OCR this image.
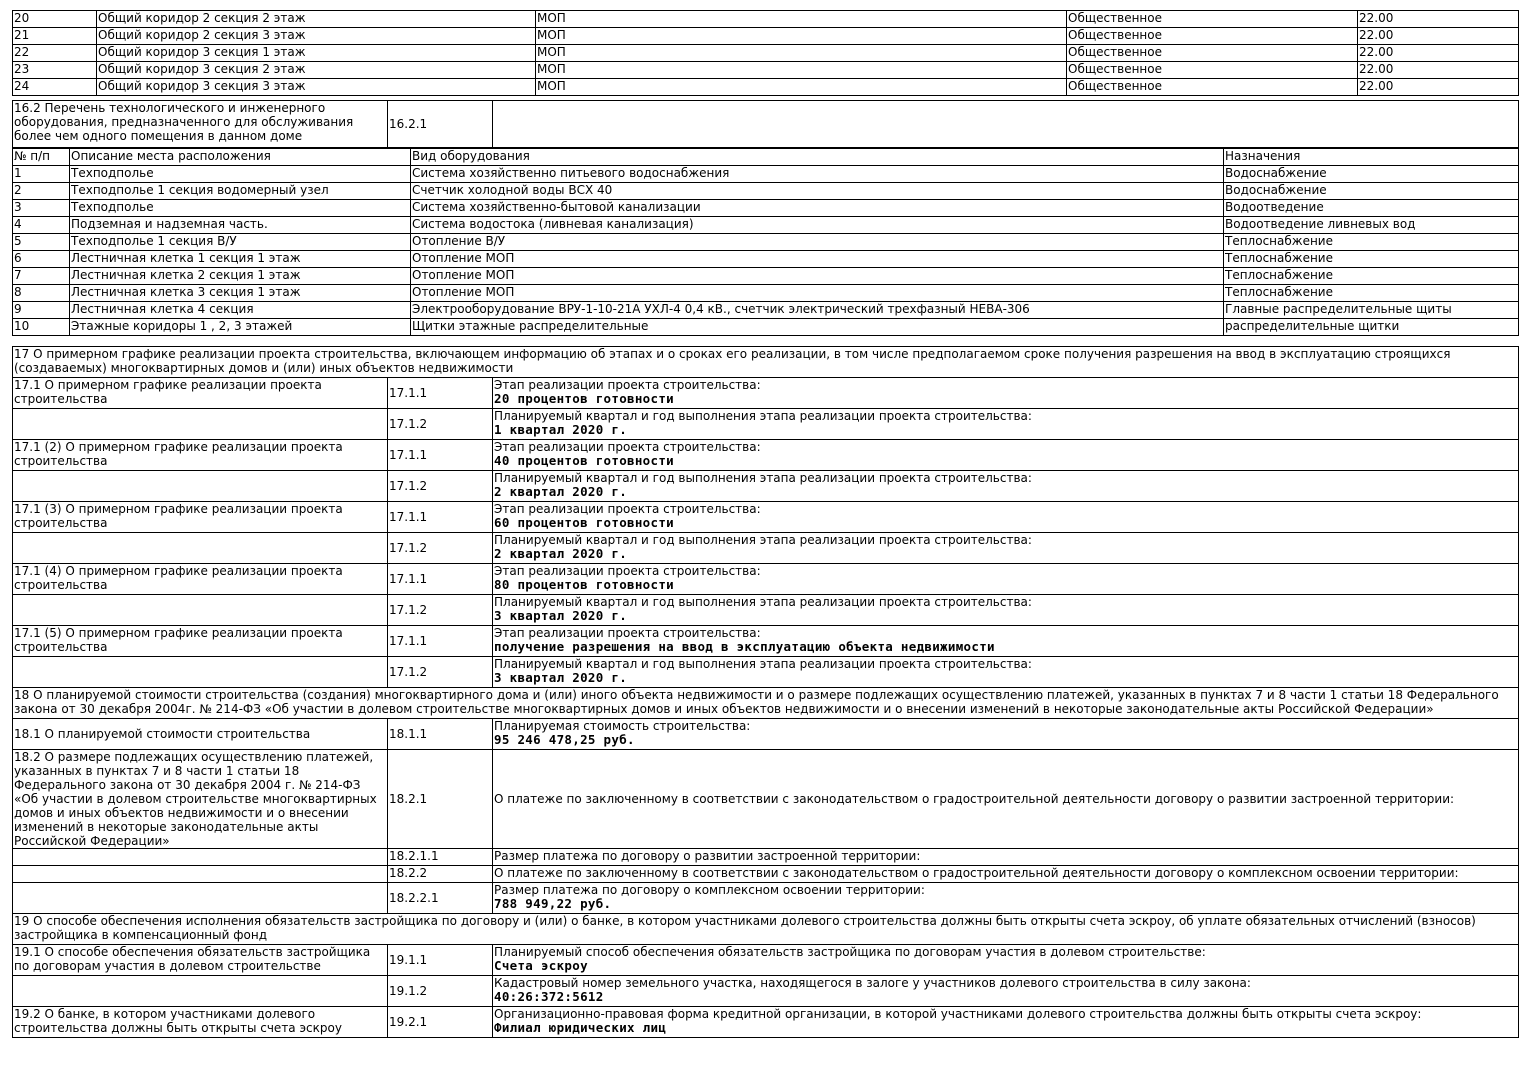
20	Общий коридор 2 секция 2 этаж	МОП	Общественное	22.00
21	Общий коридор 2 секция 3 этаж	МОП	Общественное	22.00
22	Общий коридор 3 секция 1 этаж	МОП	Общественное	22.00
23	Общий коридор 3 секция 2 этаж	МОП	Общественное	22.00
24	Общий коридор 3 секция 3 этаж	МОП	Общественное	22.00
16.2 Перечень технологического и инженерного оборудования, предназначенного для обслуживания более чем одного помещения в данном доме	16.2.1	
№ п/п	Описание места расположения	Вид оборудования	Назначения
1	Техподполье	Система хозяйственно питьевого водоснабжения	Водоснабжение
2	Техподполье 1 секция водомерный узел	Счетчик холодной воды ВСХ 40	Водоснабжение
3	Техподполье	Система хозяйственно-бытовой канализации	Водоотведение
4	Подземная и надземная часть.	Система водостока (ливневая канализация)	Водоотведение ливневых вод
5	Техподполье 1 секция В/У	Отопление В/У	Теплоснабжение
6	Лестничная клетка 1 секция 1 этаж	Отопление МОП	Теплоснабжение
7	Лестничная клетка 2 секция 1 этаж	Отопление МОП	Теплоснабжение
8	Лестничная клетка 3 секция 1 этаж	Отопление МОП	Теплоснабжение
9	Лестничная клетка 4 секция	Электрооборудование ВРУ-1-10-21А УХЛ-4 0,4 кВ., счетчик электрический трехфазный НЕВА-306	Главные распределительные щиты
10	Этажные коридоры 1 , 2, 3 этажей	Щитки этажные распределительные	распределительные щитки
17 О примерном графике реализации проекта строительства, включающем информацию об этапах и о сроках его реализации, в том числе предполагаемом сроке получения разрешения на ввод в эксплуатацию строящихся (создаваемых) многоквартирных домов и (или) иных объектов недвижимости		
17.1 О примерном графике реализации проекта строительства	17.1.1	Этап реализации проекта строительства:
20 процентов готовности

	17.1.2	Планируемый квартал и год выполнения этапа реализации проекта строительства:
1 квартал 2020 г.

17.1 (2) О примерном графике реализации проекта строительства	17.1.1	Этап реализации проекта строительства:
40 процентов готовности

	17.1.2	Планируемый квартал и год выполнения этапа реализации проекта строительства:
2 квартал 2020 г.

17.1 (3) О примерном графике реализации проекта строительства	17.1.1	Этап реализации проекта строительства:
60 процентов готовности

	17.1.2	Планируемый квартал и год выполнения этапа реализации проекта строительства:
2 квартал 2020 г.

17.1 (4) О примерном графике реализации проекта строительства	17.1.1	Этап реализации проекта строительства:
80 процентов готовности

	17.1.2	Планируемый квартал и год выполнения этапа реализации проекта строительства:
3 квартал 2020 г.

17.1 (5) О примерном графике реализации проекта строительства	17.1.1	Этап реализации проекта строительства:
получение разрешения на ввод в эксплуатацию объекта недвижимости

	17.1.2	Планируемый квартал и год выполнения этапа реализации проекта строительства:
3 квартал 2020 г.

18 О планируемой стоимости строительства (создания) многоквартирного дома и (или) иного объекта недвижимости и о размере подлежащих осуществлению платежей, указанных в пунктах 7 и 8 части 1 статьи 18 Федерального закона от 30 декабря 2004г. № 214-ФЗ «Об участии в долевом строительстве многоквартирных домов и иных объектов недвижимости и о внесении изменений в некоторые законодательные акты Российской Федерации»		
18.1 О планируемой стоимости строительства	18.1.1	Планируемая стоимость строительства:
95 246 478,25 руб.

18.2 О размере подлежащих осуществлению платежей, указанных в пунктах 7 и 8 части 1 статьи 18 Федерального закона от 30 декабря 2004 г. № 214-ФЗ «Об участии в долевом строительстве многоквартирных домов и иных объектов недвижимости и о внесении изменений в некоторые законодательные акты Российской Федерации»	18.2.1	О платеже по заключенному в соответствии с законодательством о градостроительной деятельности договору о развитии застроенной территории:
	18.2.1.1	Размер платежа по договору о развитии застроенной территории:
	18.2.2	О платеже по заключенному в соответствии с законодательством о градостроительной деятельности договору о комплексном освоении территории:
	18.2.2.1	Размер платежа по договору о комплексном освоении территории:
788 949,22 руб.

19 О способе обеспечения исполнения обязательств застройщика по договору и (или) о банке, в котором участниками долевого строительства должны быть открыты счета эскроу, об уплате обязательных отчислений (взносов) застройщика в компенсационный фонд		
19.1 О способе обеспечения обязательств застройщика по договорам участия в долевом строительстве	19.1.1	Планируемый способ обеспечения обязательств застройщика по договорам участия в долевом строительстве:
Счета эскроу

	19.1.2	Кадастровый номер земельного участка, находящегося в залоге у участников долевого строительства в силу закона:
40:26:372:5612

19.2 О банке, в котором участниками долевого строительства должны быть открыты счета эскроу	19.2.1	Организационно-правовая форма кредитной организации, в которой участниками долевого строительства должны быть открыты счета эскроу:
Филиал юридических лиц
